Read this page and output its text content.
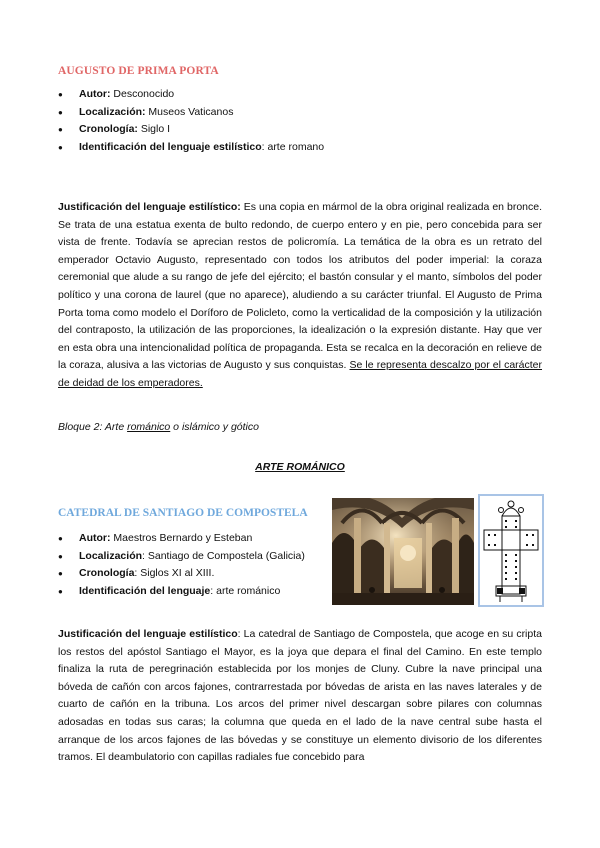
AUGUSTO DE PRIMA PORTA
● Autor: Desconocido
● Localización: Museos Vaticanos
● Cronología: Siglo I
● Identificación del lenguaje estilístico: arte romano

Justificación del lenguaje estilístico: Es una copia en mármol de la obra original realizada en bronce. Se trata de una estatua exenta de bulto redondo, de cuerpo entero y en pie, pero concebida para ser vista de frente. Todavía se aprecian restos de policromía. La temática de la obra es un retrato del emperador Octavio Augusto, representado con todos los atributos del poder imperial: la coraza ceremonial que alude a su rango de jefe del ejército; el bastón consular y el manto, símbolos del poder político y una corona de laurel (que no aparece), aludiendo a su carácter triunfal. El Augusto de Prima Porta toma como modelo el Doríforo de Policleto, como la verticalidad de la composición y la utilización del contraposto, la utilización de las proporciones, la idealización o la expresión distante. Hay que ver en esta obra una intencionalidad política de propaganda. Esta se recalca en la decoración en relieve de la coraza, alusiva a las victorias de Augusto y sus conquistas. Se le representa descalzo por el carácter de deidad de los emperadores.

Bloque 2: Arte románico o islámico y gótico
ARTE ROMÁNICO
CATEDRAL DE SANTIAGO DE COMPOSTELA
● Autor: Maestros Bernardo y Esteban
● Localización: Santiago de Compostela (Galicia)
● Cronología: Siglos XI al XIII.
● Identificación del lenguaje: arte románico

Justificación del lenguaje estilístico: La catedral de Santiago de Compostela, que acoge en su cripta los restos del apóstol Santiago el Mayor, es la joya que depara el final del Camino. En este templo finaliza la ruta de peregrinación establecida por los monjes de Cluny. Cubre la nave principal una bóveda de cañón con arcos fajones, contrarrestada por bóvedas de arista en las naves laterales y de cuarto de cañón en la tribuna. Los arcos del primer nivel descargan sobre pilares con columnas adosadas en todas sus caras; la columna que queda en el lado de la nave central sube hasta el arranque de los arcos fajones de las bóvedas y se constituye un elemento divisorio de los diferentes tramos. El deambulatorio con capillas radiales fue concebido para
